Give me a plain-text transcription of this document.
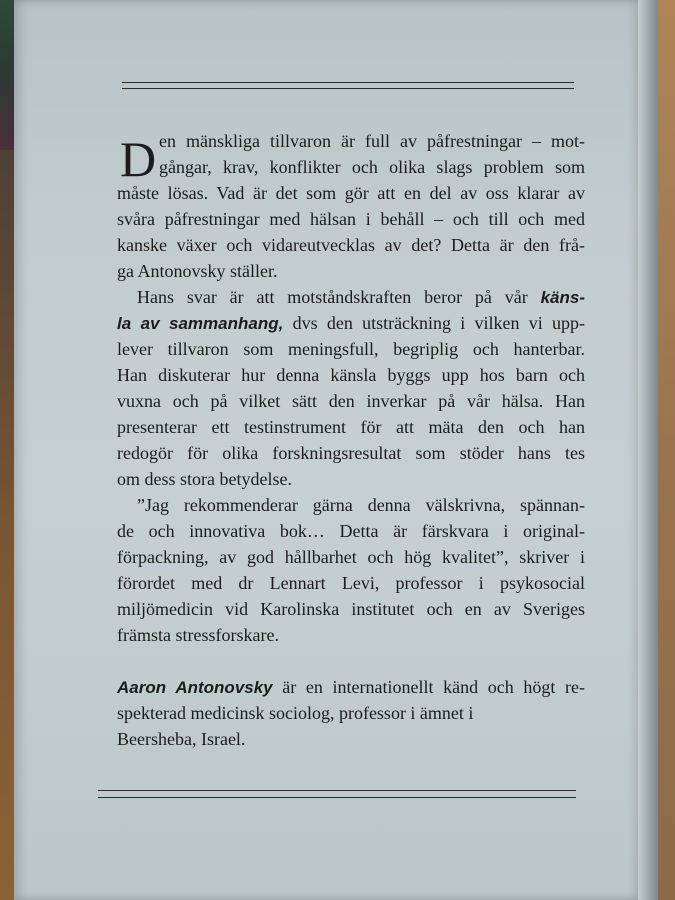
D en mänskliga tillvaron är full av påfrestningar – mot-
gångar, krav, konflikter och olika slags problem som
måste lösas. Vad är det som gör att en del av oss klarar av
svåra påfrestningar med hälsan i behåll – och till och med
kanske växer och vidareutvecklas av det? Detta är den frå-
ga Antonovsky ställer.
Hans svar är att motståndskraften beror på vår käns-
la av sammanhang, dvs den utsträckning i vilken vi upp-
lever tillvaron som meningsfull, begriplig och hanterbar.
Han diskuterar hur denna känsla byggs upp hos barn och
vuxna och på vilket sätt den inverkar på vår hälsa. Han
presenterar ett testinstrument för att mäta den och han
redogör för olika forskningsresultat som stöder hans tes
om dess stora betydelse.
”Jag rekommenderar gärna denna välskrivna, spännan-
de och innovativa bok… Detta är färskvara i original-
förpackning, av god hållbarhet och hög kvalitet”, skriver i
förordet med dr Lennart Levi, professor i psykosocial
miljömedicin vid Karolinska institutet och en av Sveriges
främsta stressforskare.
Aaron Antonovsky är en internationellt känd och högt re-
spekterad medicinsk sociolog, professor i ämnet i
Beersheba, Israel.
